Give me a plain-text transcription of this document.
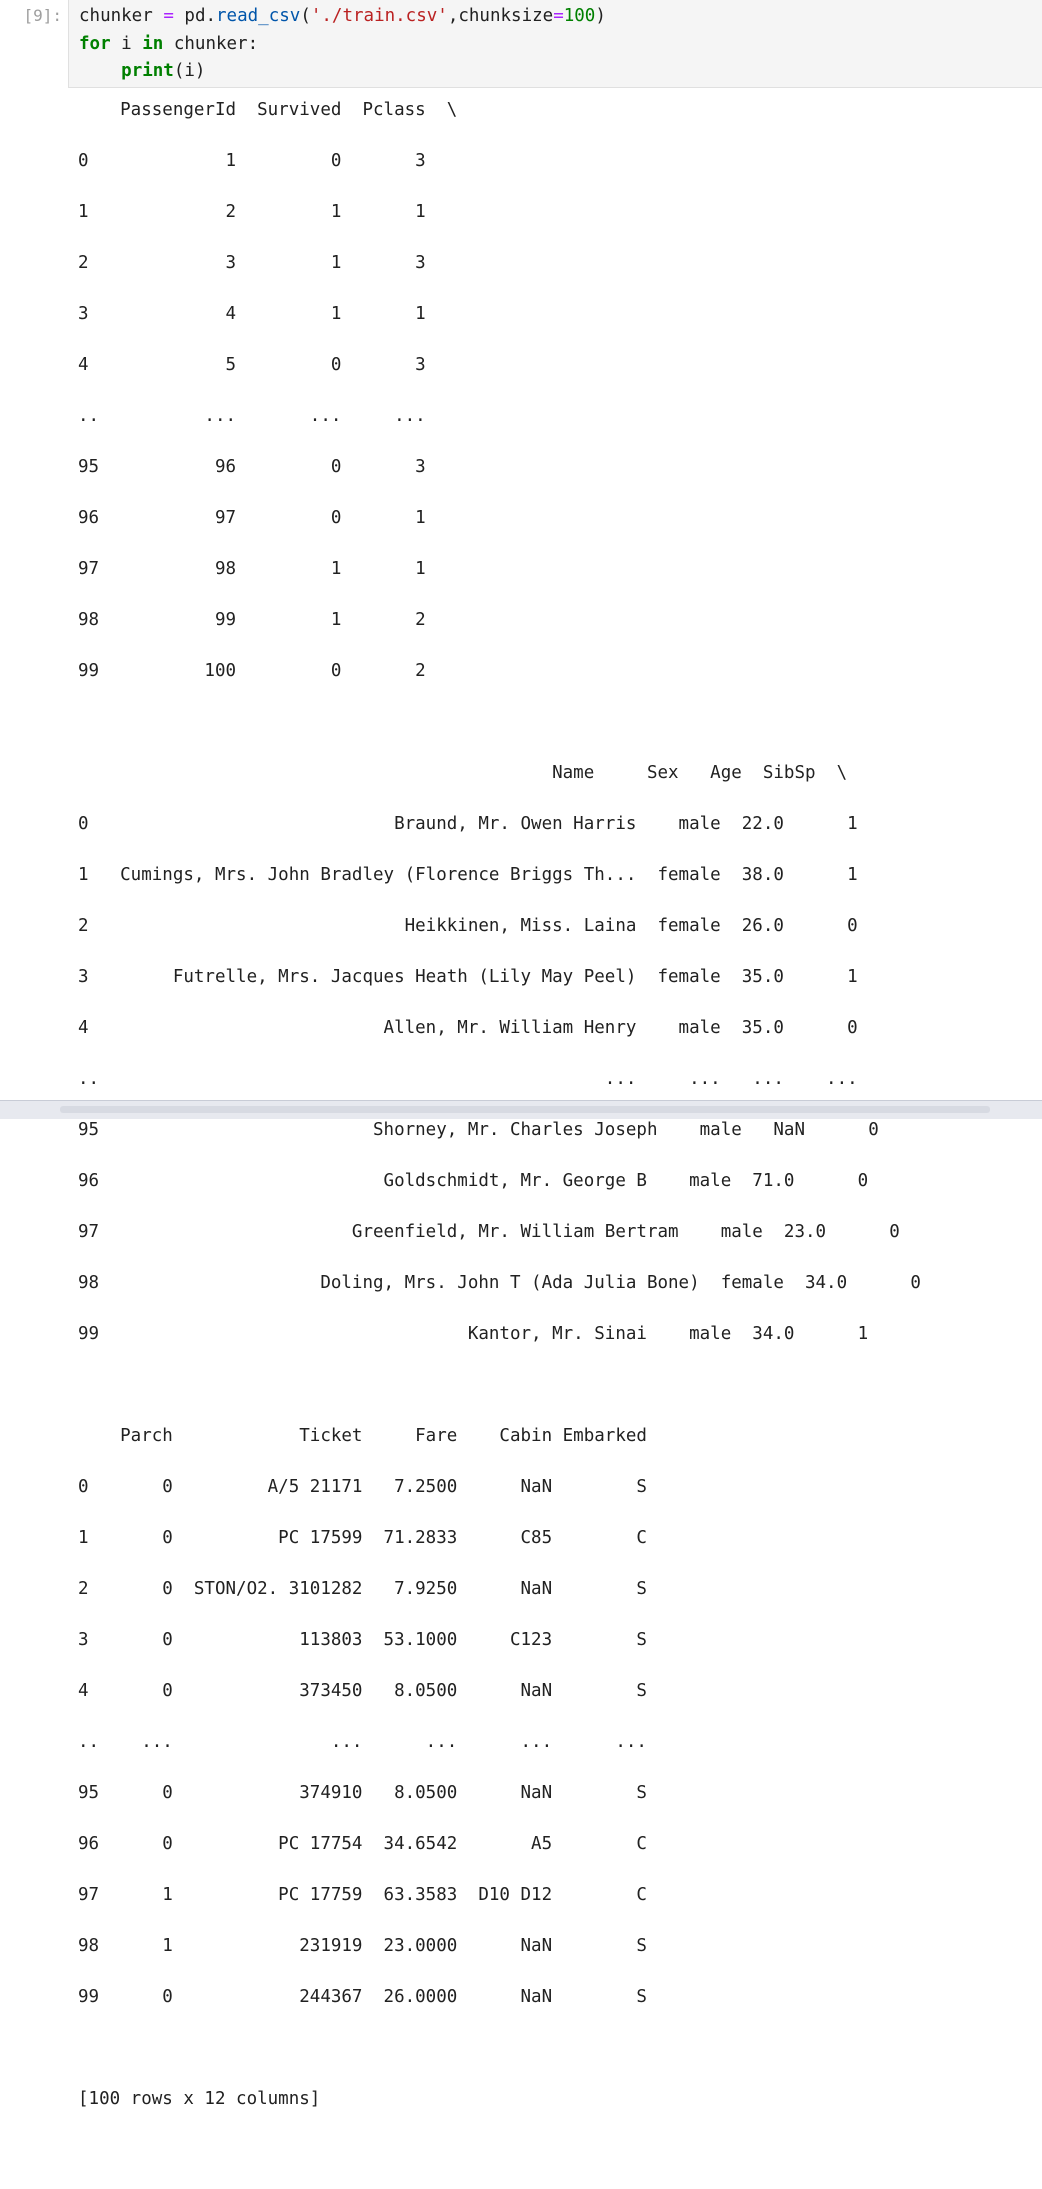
[9]: chunker = pd.read_csv('./train.csv',chunksize=100)
for i in chunker:
print(i)
PassengerId  Survived  Pclass  \

0             1         0       3

1             2         1       1

2             3         1       3

3             4         1       1

4             5         0       3

..          ...       ...     ...

95           96         0       3

96           97         0       1

97           98         1       1

98           99         1       2

99          100         0       2

Name     Sex   Age  SibSp  \

0                             Braund, Mr. Owen Harris    male  22.0      1

1   Cumings, Mrs. John Bradley (Florence Briggs Th...  female  38.0      1

2                              Heikkinen, Miss. Laina  female  26.0      0

3        Futrelle, Mrs. Jacques Heath (Lily May Peel)  female  35.0      1

4                            Allen, Mr. William Henry    male  35.0      0

..                                                ...     ...   ...    ...

95                          Shorney, Mr. Charles Joseph    male   NaN      0

96                           Goldschmidt, Mr. George B    male  71.0      0

97                        Greenfield, Mr. William Bertram    male  23.0      0

98                     Doling, Mrs. John T (Ada Julia Bone)  female  34.0      0

99                                   Kantor, Mr. Sinai    male  34.0      1

Parch            Ticket     Fare    Cabin Embarked

0       0         A/5 21171   7.2500      NaN        S

1       0          PC 17599  71.2833      C85        C

2       0  STON/O2. 3101282   7.9250      NaN        S

3       0            113803  53.1000     C123        S

4       0            373450   8.0500      NaN        S

..    ...               ...      ...      ...      ...

95      0            374910   8.0500      NaN        S

96      0          PC 17754  34.6542       A5        C

97      1          PC 17759  63.3583  D10 D12        C

98      1            231919  23.0000      NaN        S

99      0            244367  26.0000      NaN        S

[100 rows x 12 columns]
